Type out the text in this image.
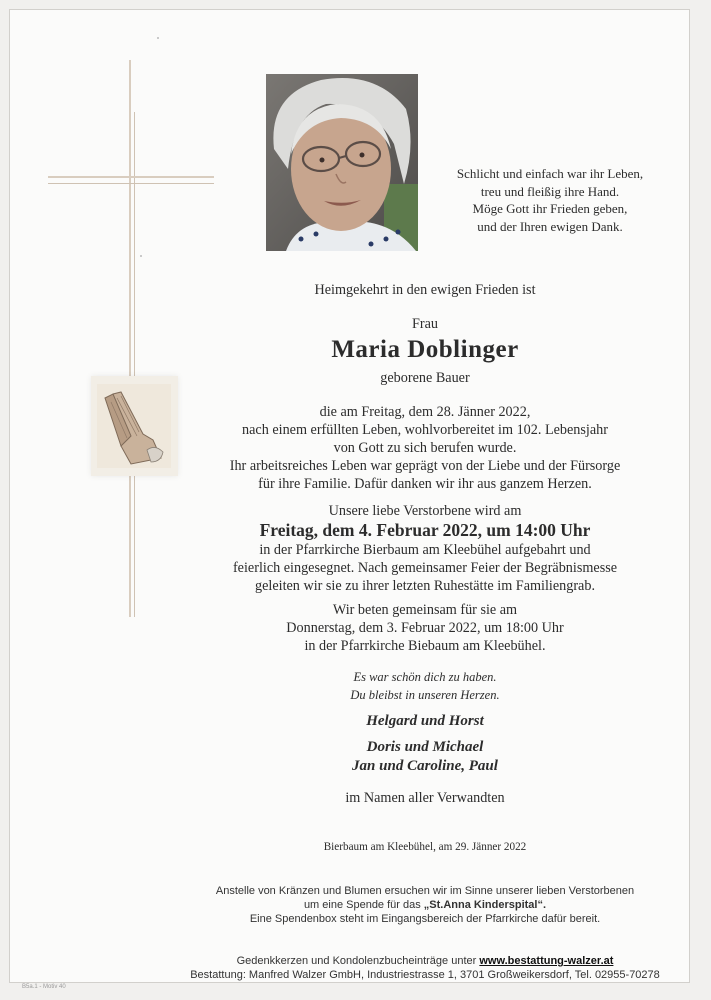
Schlicht und einfach war ihr Leben,
treu und fleißig ihre Hand.
Möge Gott ihr Frieden geben,
und der Ihren ewigen Dank.
Heimgekehrt in den ewigen Frieden ist
Frau
Maria Doblinger
geborene Bauer
die am Freitag, dem 28. Jänner 2022,
nach einem erfüllten Leben, wohlvorbereitet im 102. Lebensjahr
von Gott zu sich berufen wurde.
Ihr arbeitsreiches Leben war geprägt von der Liebe und der Fürsorge
für ihre Familie. Dafür danken wir ihr aus ganzem Herzen.
Unsere liebe Verstorbene wird am
Freitag, dem 4. Februar 2022, um 14:00 Uhr
in der Pfarrkirche Bierbaum am Kleebühel aufgebahrt und
feierlich eingesegnet. Nach gemeinsamer Feier der Begräbnismesse
geleiten wir sie zu ihrer letzten Ruhestätte im Familiengrab.
Wir beten gemeinsam für sie am
Donnerstag, dem 3. Februar 2022, um 18:00 Uhr
in der Pfarrkirche Biebaum am Kleebühel.
Es war schön dich zu haben.
Du bleibst in unseren Herzen.
Helgard und Horst
Doris und Michael
Jan und Caroline, Paul
im Namen aller Verwandten
Bierbaum am Kleebühel, am 29. Jänner 2022
Anstelle von Kränzen und Blumen ersuchen wir im Sinne unserer lieben Verstorbenen
um eine Spende für das „St.Anna Kinderspital“.
Eine Spendenbox steht im Eingangsbereich der Pfarrkirche dafür bereit.
Gedenkkerzen und Kondolenzbucheinträge unter www.bestattung-walzer.at
Bestattung: Manfred Walzer GmbH, Industriestrasse 1, 3701 Großweikersdorf, Tel. 02955-70278
B5a.1 - Motiv 40
